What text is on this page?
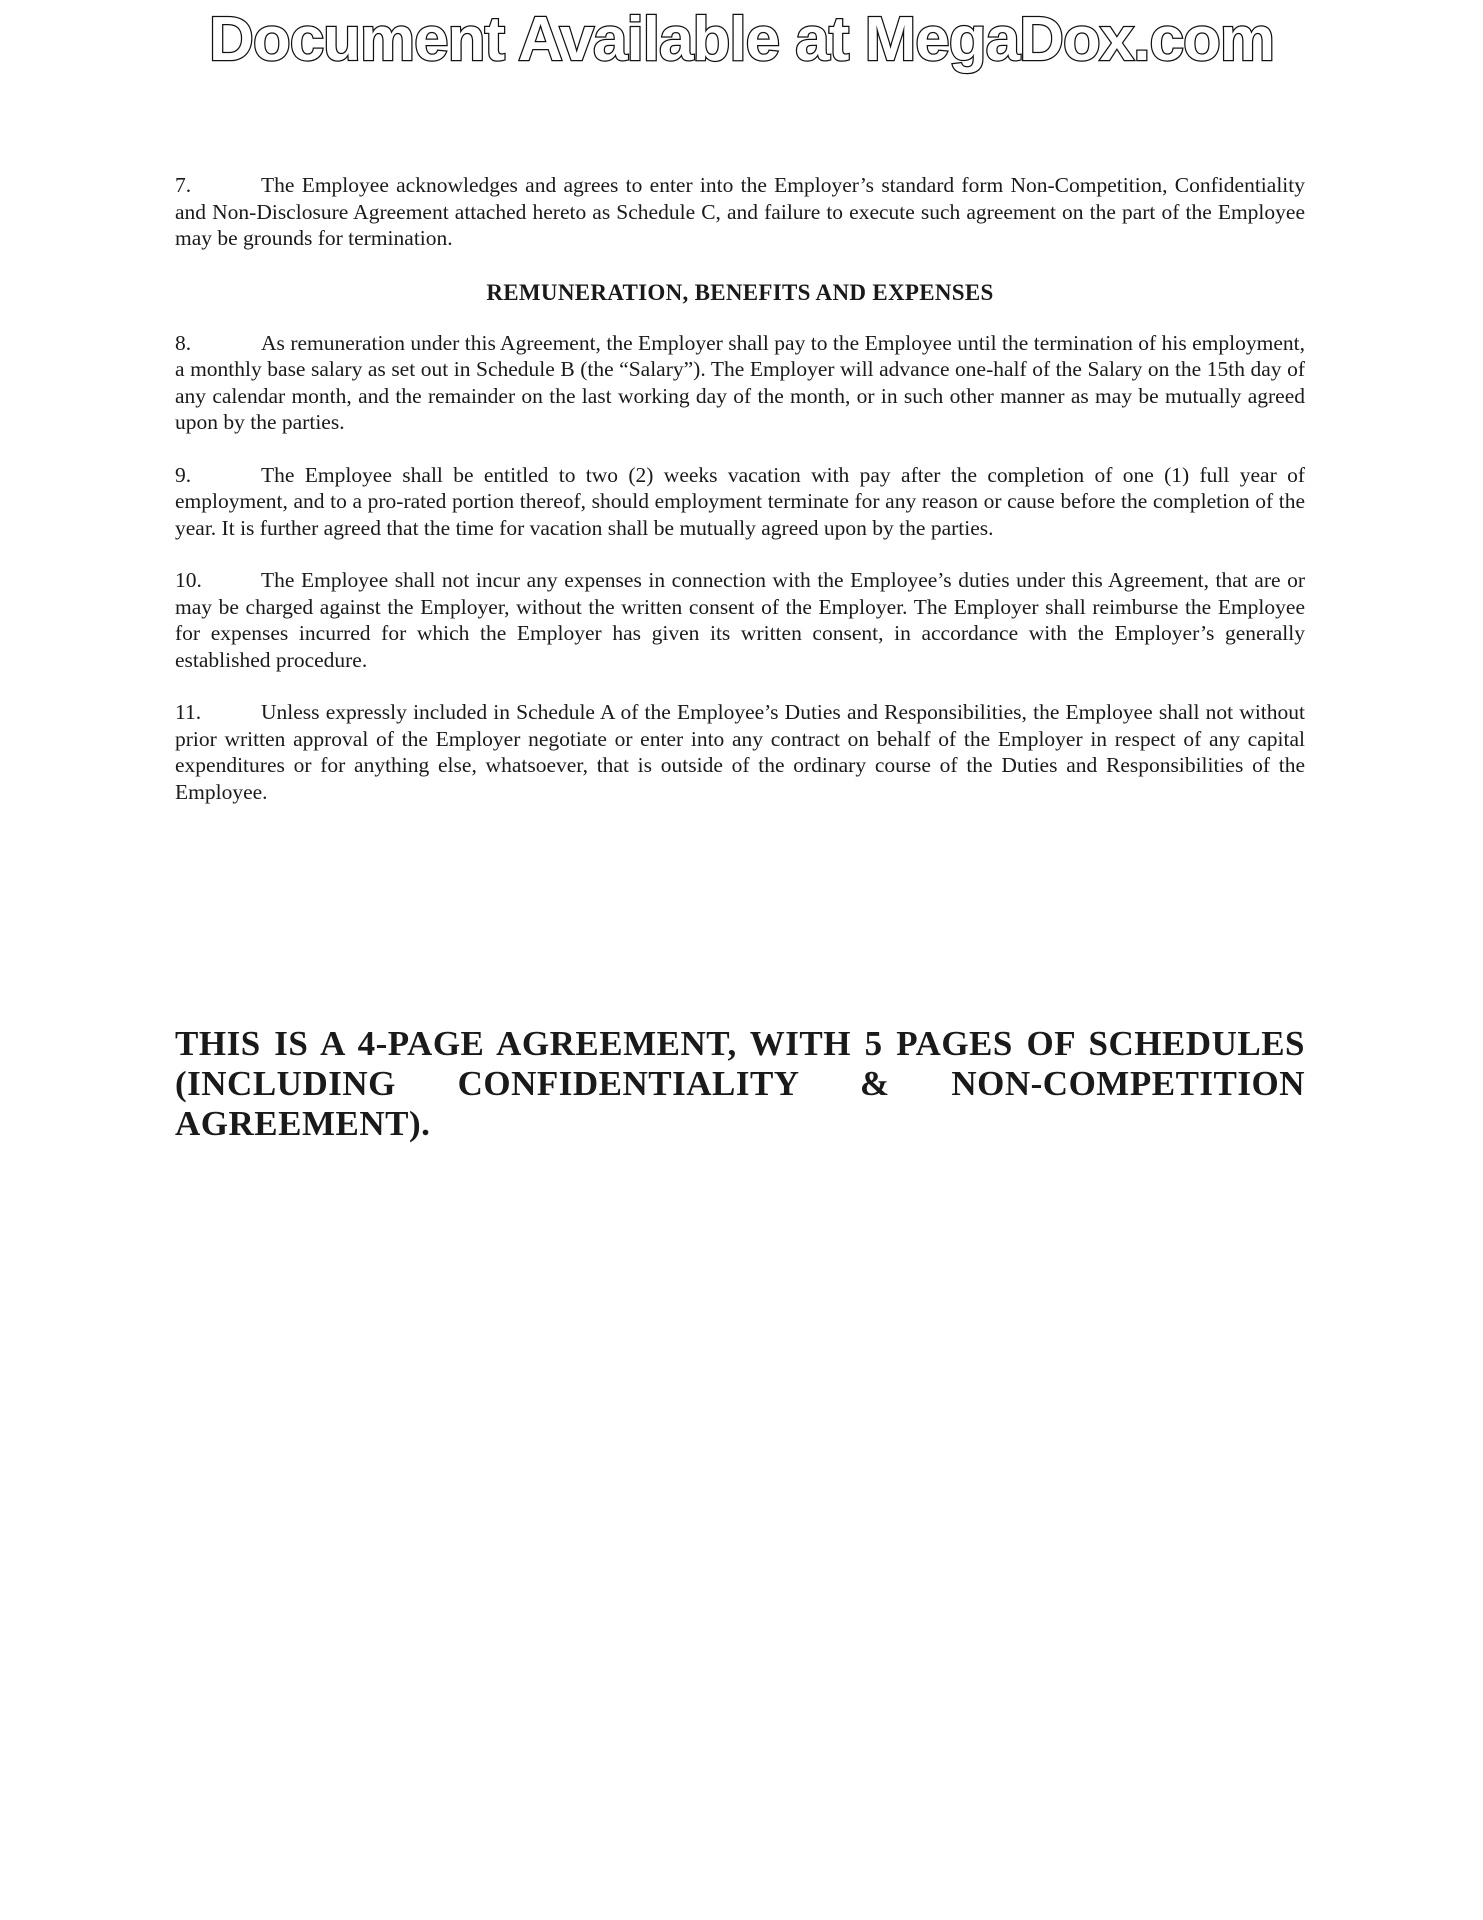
Document Available at MegaDox.com

7.	The Employee acknowledges and agrees to enter into the Employer’s standard form Non-Competition, Confidentiality and Non-Disclosure Agreement attached hereto as Schedule C, and failure to execute such agreement on the part of the Employee may be grounds for termination.

REMUNERATION, BENEFITS AND EXPENSES

8.	As remuneration under this Agreement, the Employer shall pay to the Employee until the termination of his employment, a monthly base salary as set out in Schedule B (the “Salary”). The Employer will advance one-half of the Salary on the 15th day of any calendar month, and the remainder on the last working day of the month, or in such other manner as may be mutually agreed upon by the parties.

9.	The Employee shall be entitled to two (2) weeks vacation with pay after the completion of one (1) full year of employment, and to a pro-rated portion thereof, should employment terminate for any reason or cause before the completion of the year. It is further agreed that the time for vacation shall be mutually agreed upon by the parties.

10.	The Employee shall not incur any expenses in connection with the Employee’s duties under this Agreement, that are or may be charged against the Employer, without the written consent of the Employer. The Employer shall reimburse the Employee for expenses incurred for which the Employer has given its written consent, in accordance with the Employer’s generally established procedure.

11.	Unless expressly included in Schedule A of the Employee’s Duties and Responsibilities, the Employee shall not without prior written approval of the Employer negotiate or enter into any contract on behalf of the Employer in respect of any capital expenditures or for anything else, whatsoever, that is outside of the ordinary course of the Duties and Responsibilities of the Employee.

THIS IS A 4-PAGE AGREEMENT, WITH 5 PAGES OF SCHEDULES (INCLUDING CONFIDENTIALITY & NON-COMPETITION AGREEMENT).
